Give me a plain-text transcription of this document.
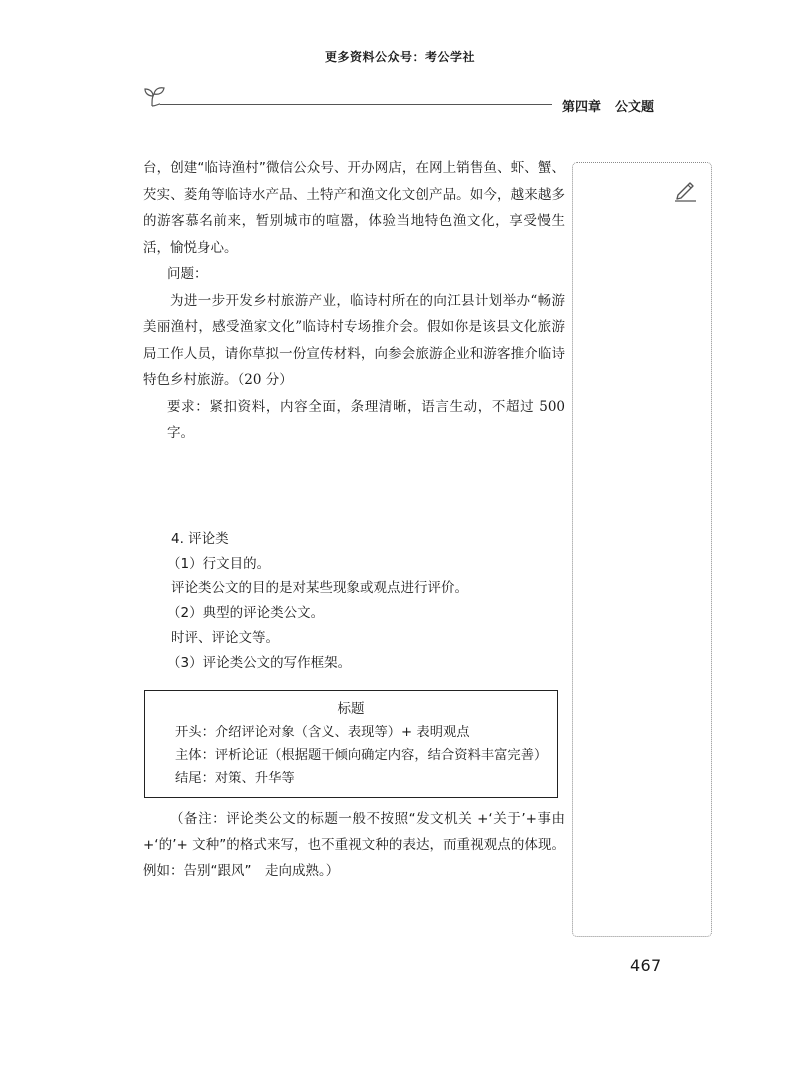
更多资料公众号：考公学社
第四章 公文题

台，创建“临诗渔村”微信公众号、开办网店，在网上销售鱼、虾、蟹、芡实、菱角等临诗水产品、土特产和渔文化文创产品。如今，越来越多的游客慕名前来，暂别城市的喧嚣，体验当地特色渔文化，享受慢生活，愉悦身心。

问题：

为进一步开发乡村旅游产业，临诗村所在的向江县计划举办“畅游美丽渔村，感受渔家文化”临诗村专场推介会。假如你是该县文化旅游局工作人员，请你草拟一份宣传材料，向参会旅游企业和游客推介临诗特色乡村旅游。（20 分）

要求：紧扣资料，内容全面，条理清晰，语言生动，不超过 500 字。

4. 评论类

（1）行文目的。

评论类公文的目的是对某些现象或观点进行评价。

（2）典型的评论类公文。

时评、评论文等。

（3）评论类公文的写作框架。

标题

开头：介绍评论对象（含义、表现等）+ 表明观点

主体：评析论证（根据题干倾向确定内容，结合资料丰富完善）

结尾：对策、升华等

（备注：评论类公文的标题一般不按照“发文机关 +‘关于’+事由 +‘的’+ 文种”的格式来写，也不重视文种的表达，而重视观点的体现。例如：告别“跟风”　走向成熟。）

467
